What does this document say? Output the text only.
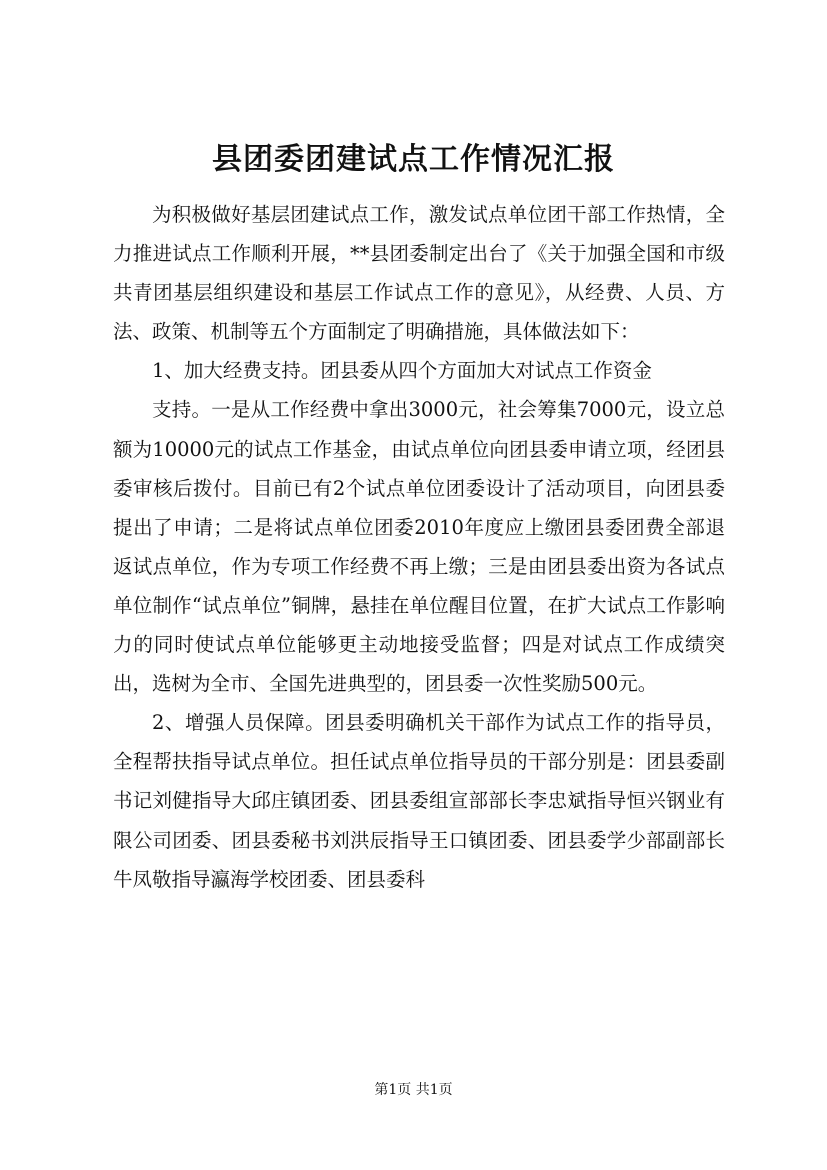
县团委团建试点工作情况汇报

为积极做好基层团建试点工作，激发试点单位团干部工作热情，全力推进试点工作顺利开展，**县团委制定出台了《关于加强全国和市级共青团基层组织建设和基层工作试点工作的意见》，从经费、人员、方法、政策、机制等五个方面制定了明确措施，具体做法如下：

1、加大经费支持。团县委从四个方面加大对试点工作资金

支持。一是从工作经费中拿出3000元，社会筹集7000元，设立总额为10000元的试点工作基金，由试点单位向团县委申请立项，经团县委审核后拨付。目前已有2个试点单位团委设计了活动项目，向团县委提出了申请；二是将试点单位团委2010年度应上缴团县委团费全部退返试点单位，作为专项工作经费不再上缴；三是由团县委出资为各试点单位制作“试点单位”铜牌，悬挂在单位醒目位置，在扩大试点工作影响力的同时使试点单位能够更主动地接受监督；四是对试点工作成绩突出，选树为全市、全国先进典型的，团县委一次性奖励500元。

2、增强人员保障。团县委明确机关干部作为试点工作的指导员，全程帮扶指导试点单位。担任试点单位指导员的干部分别是：团县委副书记刘健指导大邱庄镇团委、团县委组宣部部长李忠斌指导恒兴钢业有限公司团委、团县委秘书刘洪辰指导王口镇团委、团县委学少部副部长牛凤敬指导瀛海学校团委、团县委科

第1页 共1页
